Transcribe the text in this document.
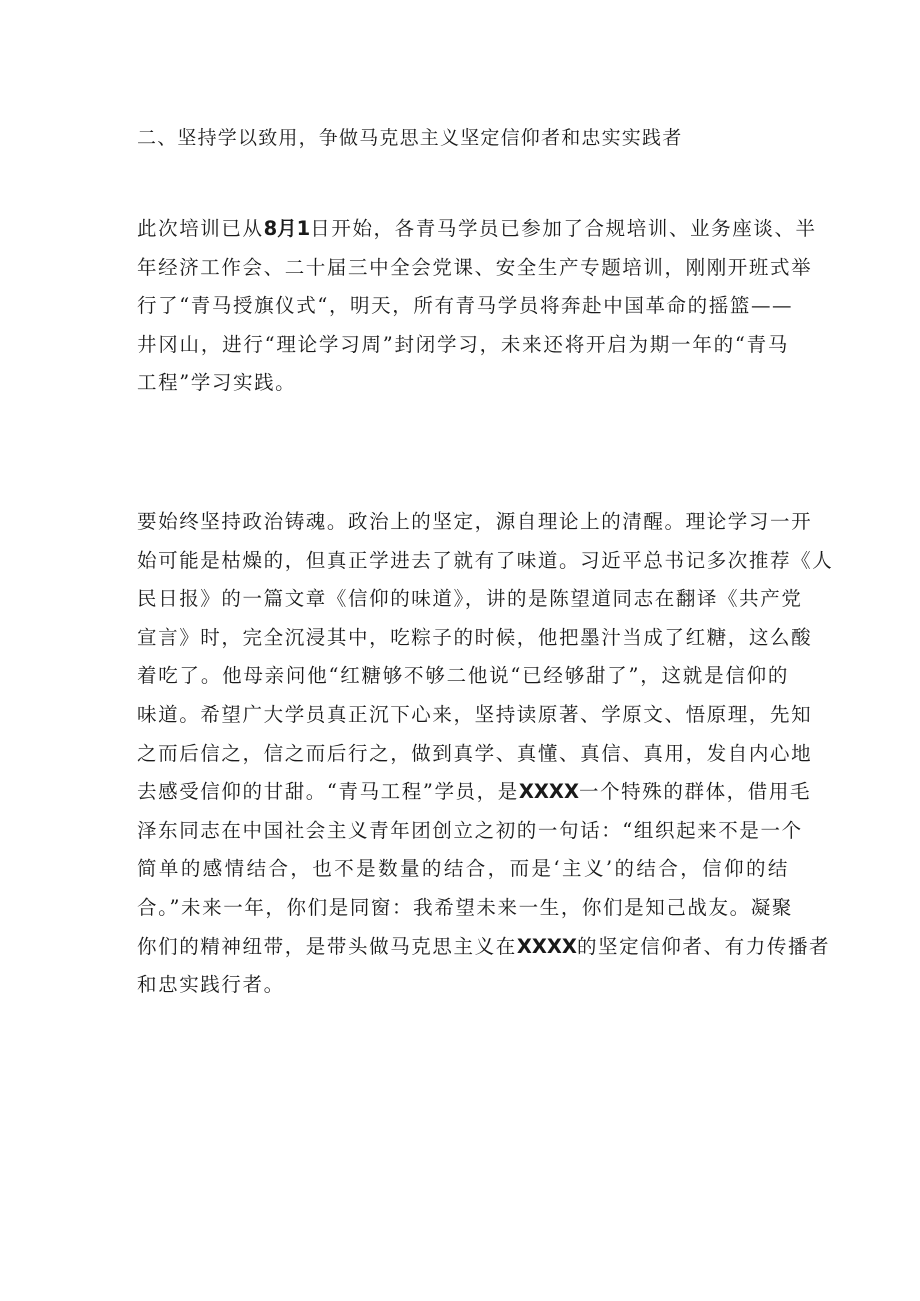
二、坚持学以致用，争做马克思主义坚定信仰者和忠实实践者

此次培训已从8月1日开始，各青马学员已参加了合规培训、业务座谈、半
年经济工作会、二十届三中全会党课、安全生产专题培训，刚刚开班式举
行了“青马授旗仪式“，明天，所有青马学员将奔赴中国革命的摇篮——
井冈山，进行“理论学习周”封闭学习，未来还将开启为期一年的“青马
工程”学习实践。

要始终坚持政治铸魂。政治上的坚定，源自理论上的清醒。理论学习一开
始可能是枯燥的，但真正学进去了就有了味道。习近平总书记多次推荐《人
民日报》的一篇文章《信仰的味道》，讲的是陈望道同志在翻译《共产党
宣言》时，完全沉浸其中，吃粽子的时候，他把墨汁当成了红糖，这么酸
着吃了。他母亲问他“红糖够不够二他说“已经够甜了”，这就是信仰的
味道。希望广大学员真正沉下心来，坚持读原著、学原文、悟原理，先知
之而后信之，信之而后行之，做到真学、真懂、真信、真用，发自内心地
去感受信仰的甘甜。“青马工程”学员，是XXXX一个特殊的群体，借用毛
泽东同志在中国社会主义青年团创立之初的一句话：“组织起来不是一个
简单的感情结合，也不是数量的结合，而是‘主义’的结合，信仰的结
合。”未来一年，你们是同窗：我希望未来一生，你们是知己战友。凝聚
你们的精神纽带，是带头做马克思主义在XXXX的坚定信仰者、有力传播者
和忠实践行者。
